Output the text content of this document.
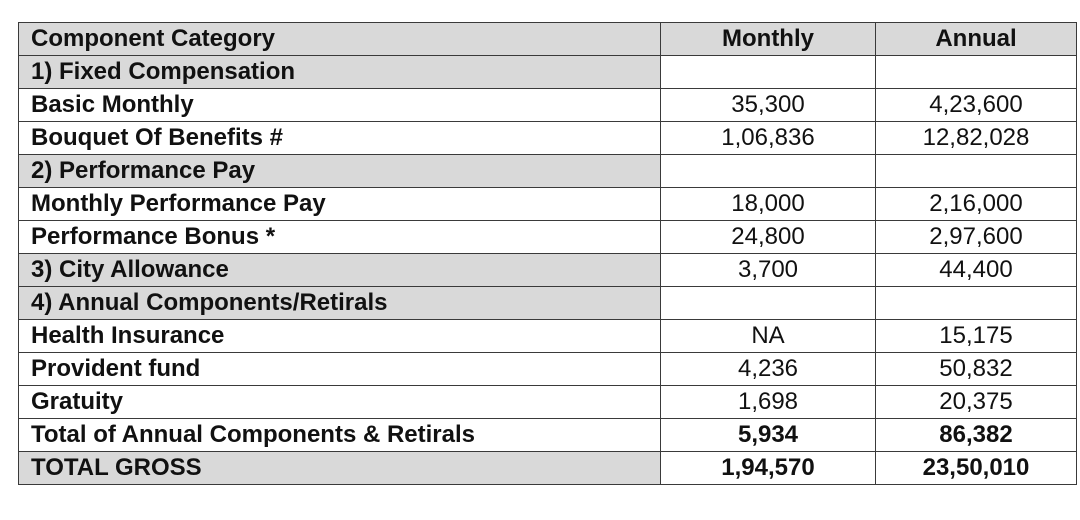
Component Category	Monthly	Annual
1) Fixed Compensation		
Basic Monthly	35,300	4,23,600
Bouquet Of Benefits #	1,06,836	12,82,028
2) Performance Pay		
Monthly Performance Pay	18,000	2,16,000
Performance Bonus *	24,800	2,97,600
3) City Allowance	3,700	44,400
4) Annual Components/Retirals		
Health Insurance	NA	15,175
Provident fund	4,236	50,832
Gratuity	1,698	20,375
Total of Annual Components & Retirals	5,934	86,382
TOTAL GROSS	1,94,570	23,50,010
